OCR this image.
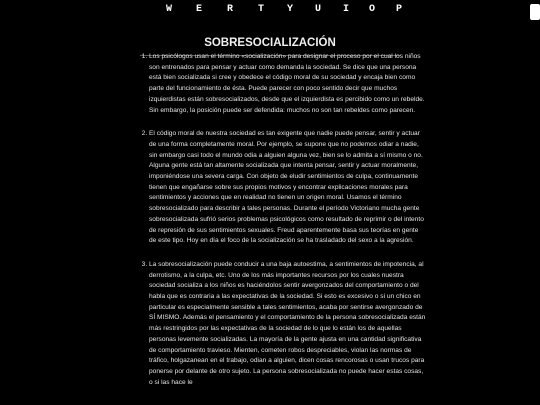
W E R T Y U I O P
SOBRESOCIALIZACIÓN
1. Los psicólogos usan el término «socialización» para designar el proceso por el cual los niños son entrenados para pensar y actuar como demanda la sociedad. Se dice que una persona está bien socializada si cree y obedece el código moral de su sociedad y encaja bien como parte del funcionamiento de ésta. Puede parecer con poco sentido decir que muchos izquierdistas están sobresocializados, desde que el izquierdista es percibido como un rebelde. Sin embargo, la posición puede ser defendida: muchos no son tan rebeldes como parecen.
2. El código moral de nuestra sociedad es tan exigente que nadie puede pensar, sentir y actuar de una forma completamente moral. Por ejemplo, se supone que no podemos odiar a nadie, sin embargo casi todo el mundo odia a alguien alguna vez, bien se lo admita a sí mismo o no. Alguna gente está tan altamente socializada que intenta pensar, sentir y actuar moralmente, imponiéndose una severa carga. Con objeto de eludir sentimientos de culpa, continuamente tienen que engañarse sobre sus propios motivos y encontrar explicaciones morales para sentimientos y acciones que en realidad no tienen un origen moral. Usamos el término sobresocializado para describir a tales personas. Durante el período Victoriano mucha gente sobresocializada sufrió serios problemas psicológicos como resultado de reprimir o del intento de represión de sus sentimientos sexuales. Freud aparentemente basa sus teorías en gente de este tipo. Hoy en día el foco de la socialización se ha trasladado del sexo a la agresión.
3. La sobresocialización puede conducir a una baja autoestima, a sentimientos de impotencia, al derrotismo, a la culpa, etc. Uno de los más importantes recursos por los cuales nuestra sociedad socializa a los niños es haciéndolos sentir avergonzados del comportamiento o del habla que es contraria a las expectativas de la sociedad. Si esto es excesivo o si un chico en particular es especialmente sensible a tales sentimientos, acaba por sentirse avergonzado de SÍ MISMO. Además el pensamiento y el comportamiento de la persona sobresocializada están más restringidos por las expectativas de la sociedad de lo que lo están los de aquellas personas levemente socializadas. La mayoría de la gente ajusta en una cantidad significativa de comportamiento travieso. Mienten, cometen robos despreciables, violan las normas de tráfico, holgazanean en el trabajo, odian a alguien, dicen cosas rencorosas o usan trucos para ponerse por delante de otro sujeto. La persona sobresocializada no puede hacer estas cosas, o si las hace le
